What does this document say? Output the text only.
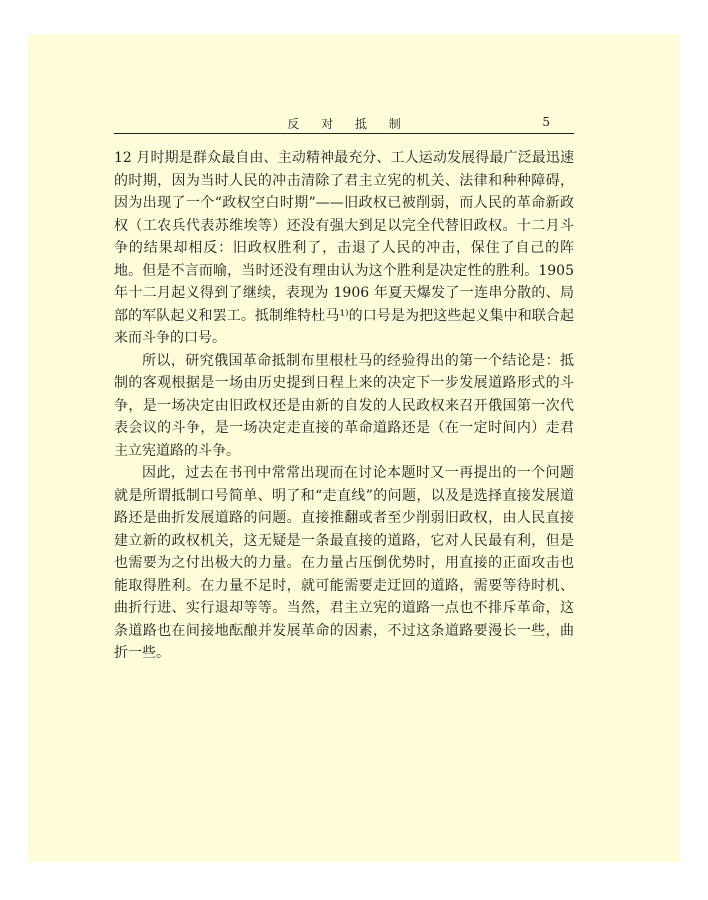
反 对 抵 制	5

12 月时期是群众最自由、主动精神最充分、工人运动发展得最广泛最迅速的时期，因为当时人民的冲击清除了君主立宪的机关、法律和种种障碍，因为出现了一个“政权空白时期”——旧政权已被削弱，而人民的革命新政权（工农兵代表苏维埃等）还没有强大到足以完全代替旧政权。十二月斗争的结果却相反：旧政权胜利了，击退了人民的冲击，保住了自己的阵地。但是不言而喻，当时还没有理由认为这个胜利是决定性的胜利。1905 年十二月起义得到了继续，表现为 1906 年夏天爆发了一连串分散的、局部的军队起义和罢工。抵制维特杜马¹⁾的口号是为把这些起义集中和联合起来而斗争的口号。

所以，研究俄国革命抵制布里根杜马的经验得出的第一个结论是：抵制的客观根据是一场由历史提到日程上来的决定下一步发展道路形式的斗争，是一场决定由旧政权还是由新的自发的人民政权来召开俄国第一次代表会议的斗争，是一场决定走直接的革命道路还是（在一定时间内）走君主立宪道路的斗争。

因此，过去在书刊中常常出现而在讨论本题时又一再提出的一个问题就是所谓抵制口号简单、明了和“走直线”的问题，以及是选择直接发展道路还是曲折发展道路的问题。直接推翻或者至少削弱旧政权，由人民直接建立新的政权机关，这无疑是一条最直接的道路，它对人民最有利，但是也需要为之付出极大的力量。在力量占压倒优势时，用直接的正面攻击也能取得胜利。在力量不足时，就可能需要走迂回的道路，需要等待时机、曲折行进、实行退却等等。当然，君主立宪的道路一点也不排斥革命，这条道路也在间接地酝酿并发展革命的因素，不过这条道路要漫长一些，曲折一些。
